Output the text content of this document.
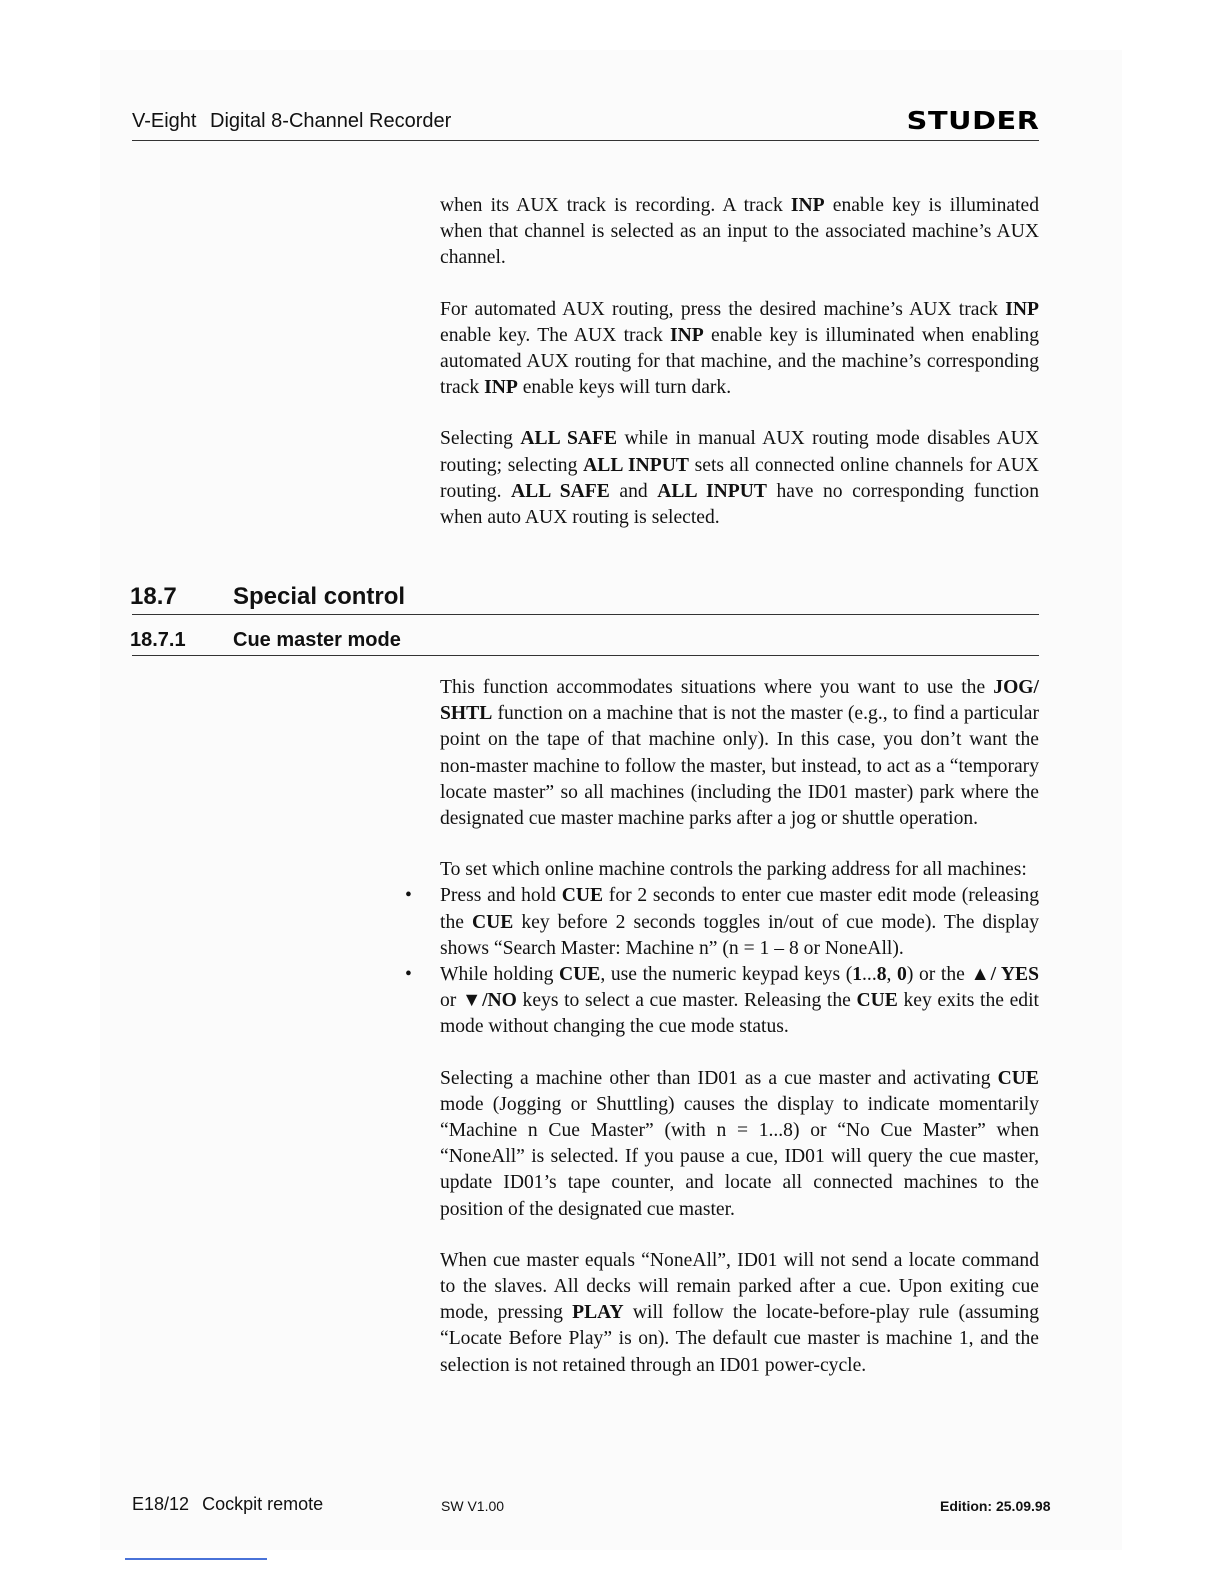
V-Eight Digital 8-Channel Recorder	STUDER

when its AUX track is recording. A track INP enable key is illuminated when that channel is selected as an input to the associated machine’s AUX channel.

For automated AUX routing, press the desired machine’s AUX track INP enable key. The AUX track INP enable key is illuminated when enabling automated AUX routing for that machine, and the machine’s corresponding track INP enable keys will turn dark.

Selecting ALL SAFE while in manual AUX routing mode disables AUX routing; selecting ALL INPUT sets all connected online channels for AUX routing. ALL SAFE and ALL INPUT have no corresponding function when auto AUX routing is selected.

18.7 Special control
18.7.1 Cue master mode

This function accommodates situations where you want to use the JOG/ SHTL function on a machine that is not the master (e.g., to find a particular point on the tape of that machine only). In this case, you don’t want the non-master machine to follow the master, but instead, to act as a “temporary locate master” so all machines (including the ID01 master) park where the designated cue master machine parks after a jog or shuttle operation.

To set which online machine controls the parking address for all machines:

• Press and hold CUE for 2 seconds to enter cue master edit mode (releasing the CUE key before 2 seconds toggles in/out of cue mode). The display shows “Search Master: Machine n” (n = 1 – 8 or NoneAll).
• While holding CUE, use the numeric keypad keys (1...8, 0) or the ▲/ YES or ▼/NO keys to select a cue master. Releasing the CUE key exits the edit mode without changing the cue mode status.

Selecting a machine other than ID01 as a cue master and activating CUE mode (Jogging or Shuttling) causes the display to indicate momentarily “Machine n Cue Master” (with n = 1...8) or “No Cue Master” when “NoneAll” is selected. If you pause a cue, ID01 will query the cue master, update ID01’s tape counter, and locate all connected machines to the position of the designated cue master.

When cue master equals “NoneAll”, ID01 will not send a locate command to the slaves. All decks will remain parked after a cue. Upon exiting cue mode, pressing PLAY will follow the locate-before-play rule (assuming “Locate Before Play” is on). The default cue master is machine 1, and the selection is not retained through an ID01 power-cycle.

E18/12 Cockpit remote	SW V1.00	Edition: 25.09.98
